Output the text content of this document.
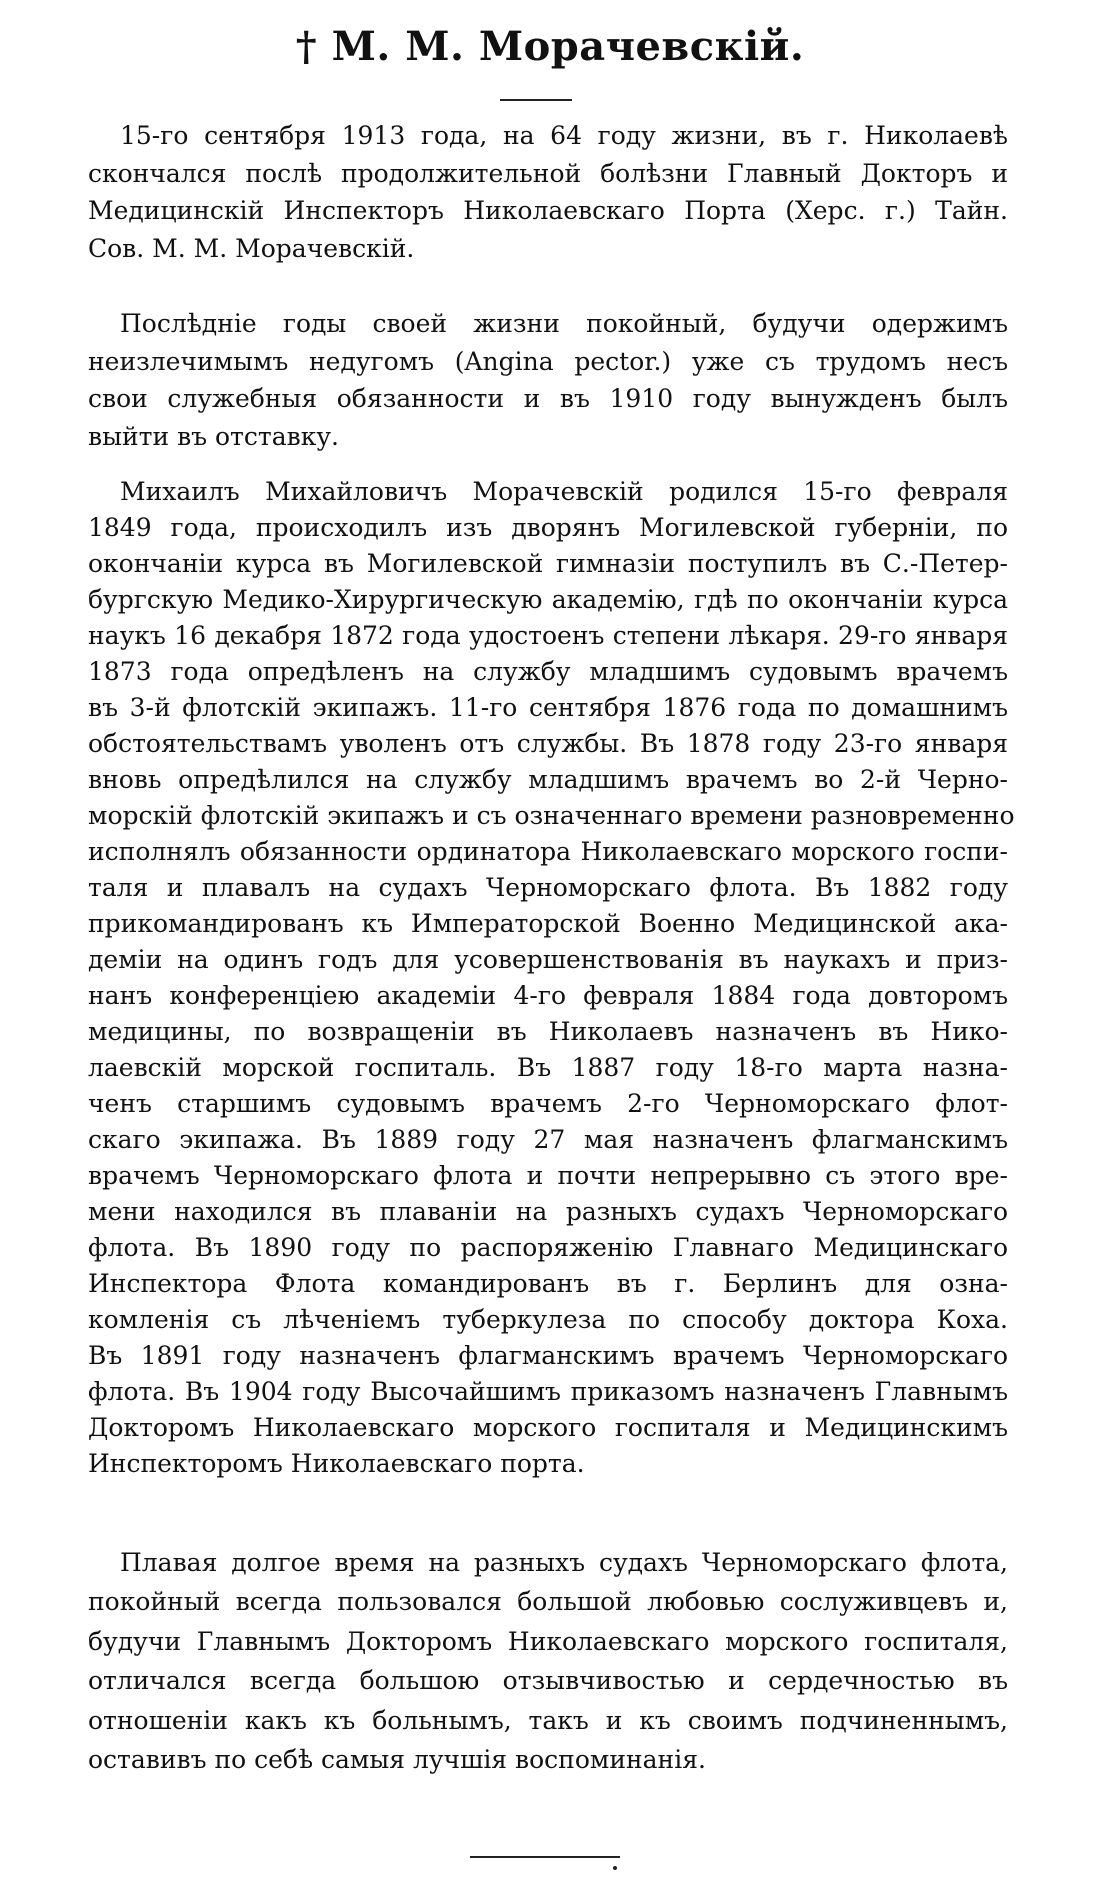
† М. М. Морачевскій.
15-го сентября 1913 года, на 64 году жизни, въ г. Николаевѣ
скончался послѣ продолжительной болѣзни Главный Докторъ и
Медицинскій Инспекторъ Николаевскаго Порта (Херс. г.) Тайн.
Сов. М. М. Морачевскій.
Послѣдніе годы своей жизни покойный, будучи одержимъ
неизлечимымъ недугомъ (Angina pector.) уже съ трудомъ несъ
свои служебныя обязанности и въ 1910 году вынужденъ былъ
выйти въ отставку.
Михаилъ Михайловичъ Морачевскій родился 15-го февраля
1849 года, происходилъ изъ дворянъ Могилевской губерніи, по
окончаніи курса въ Могилевской гимназіи поступилъ въ С.-Петер-
бургскую Медико-Хирургическую академію, гдѣ по окончаніи курса
наукъ 16 декабря 1872 года удостоенъ степени лѣкаря. 29-го января
1873 года опредѣленъ на службу младшимъ судовымъ врачемъ
въ 3-й флотскій экипажъ. 11-го сентября 1876 года по домашнимъ
обстоятельствамъ уволенъ отъ службы. Въ 1878 году 23-го января
вновь опредѣлился на службу младшимъ врачемъ во 2-й Черно-
морскій флотскій экипажъ и съ означеннаго времени разновременно
исполнялъ обязанности ординатора Николаевскаго морского госпи-
таля и плавалъ на судахъ Черноморскаго флота. Въ 1882 году
прикомандированъ къ Императорской Военно Медицинской ака-
деміи на одинъ годъ для усовершенствованія въ наукахъ и приз-
нанъ конференціею академіи 4-го февраля 1884 года довторомъ
медицины, по возвращеніи въ Николаевъ назначенъ въ Нико-
лаевскій морской госпиталь. Въ 1887 году 18-го марта назна-
ченъ старшимъ судовымъ врачемъ 2-го Черноморскаго флот-
скаго экипажа. Въ 1889 году 27 мая назначенъ флагманскимъ
врачемъ Черноморскаго флота и почти непрерывно съ этого вре-
мени находился въ плаваніи на разныхъ судахъ Черноморскаго
флота. Въ 1890 году по распоряженію Главнаго Медицинскаго
Инспектора Флота командированъ въ г. Берлинъ для озна-
комленія съ лѣченіемъ туберкулеза по способу доктора Коха.
Въ 1891 году назначенъ флагманскимъ врачемъ Черноморскаго
флота. Въ 1904 году Высочайшимъ приказомъ назначенъ Главнымъ
Докторомъ Николаевскаго морского госпиталя и Медицинскимъ
Инспекторомъ Николаевскаго порта.
Плавая долгое время на разныхъ судахъ Черноморскаго флота,
покойный всегда пользовался большой любовью сослуживцевъ и,
будучи Главнымъ Докторомъ Николаевскаго морского госпиталя,
отличался всегда большою отзывчивостью и сердечностью въ
отношеніи какъ къ больнымъ, такъ и къ своимъ подчиненнымъ,
оставивъ по себѣ самыя лучшія воспоминанія.
